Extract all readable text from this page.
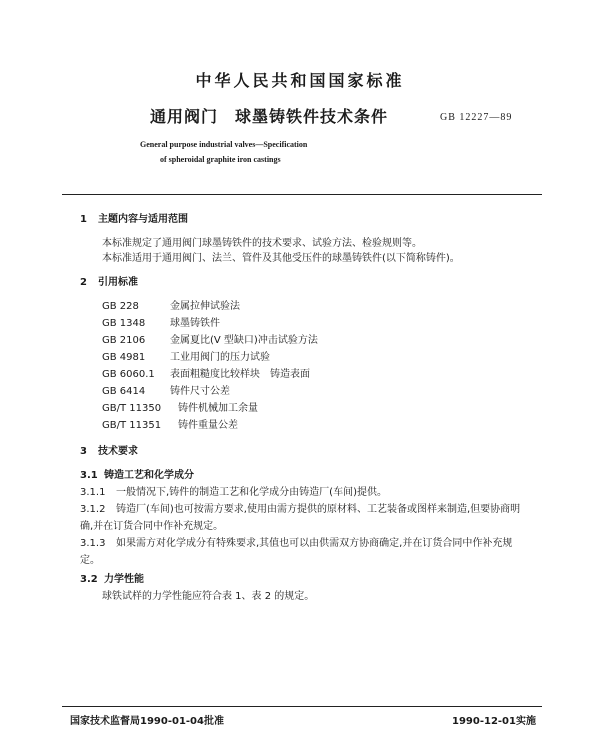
中华人民共和国国家标准
通用阀门　球墨铸铁件技术条件	GB 12227—89
General purpose industrial valves—Specification
of spheroidal graphite iron castings
1 主题内容与适用范围
本标准规定了通用阀门球墨铸铁件的技术要求、试验方法、检验规则等。
本标准适用于通用阀门、法兰、管件及其他受压件的球墨铸铁件(以下简称铸件)。
2 引用标准
GB 228	金属拉伸试验法
GB 1348 球墨铸铁件
GB 2106 金属夏比(V 型缺口)冲击试验方法
GB 4981 工业用阀门的压力试验
GB 6060.1 表面粗糙度比较样块　铸造表面
GB 6414 铸件尺寸公差
GB/T 11350 铸件机械加工余量
GB/T 11351 铸件重量公差
3 技术要求
3.1 铸造工艺和化学成分
3.1.1 一般情况下,铸件的制造工艺和化学成分由铸造厂(车间)提供。
3.1.2 铸造厂(车间)也可按需方要求,使用由需方提供的原材料、工艺装备或图样来制造,但要协商明
确,并在订货合同中作补充规定。
3.1.3 如果需方对化学成分有特殊要求,其值也可以由供需双方协商确定,并在订货合同中作补充规
定。
3.2 力学性能
球铁试样的力学性能应符合表 1、表 2 的规定。
国家技术监督局1990-01-04批准	1990-12-01实施
